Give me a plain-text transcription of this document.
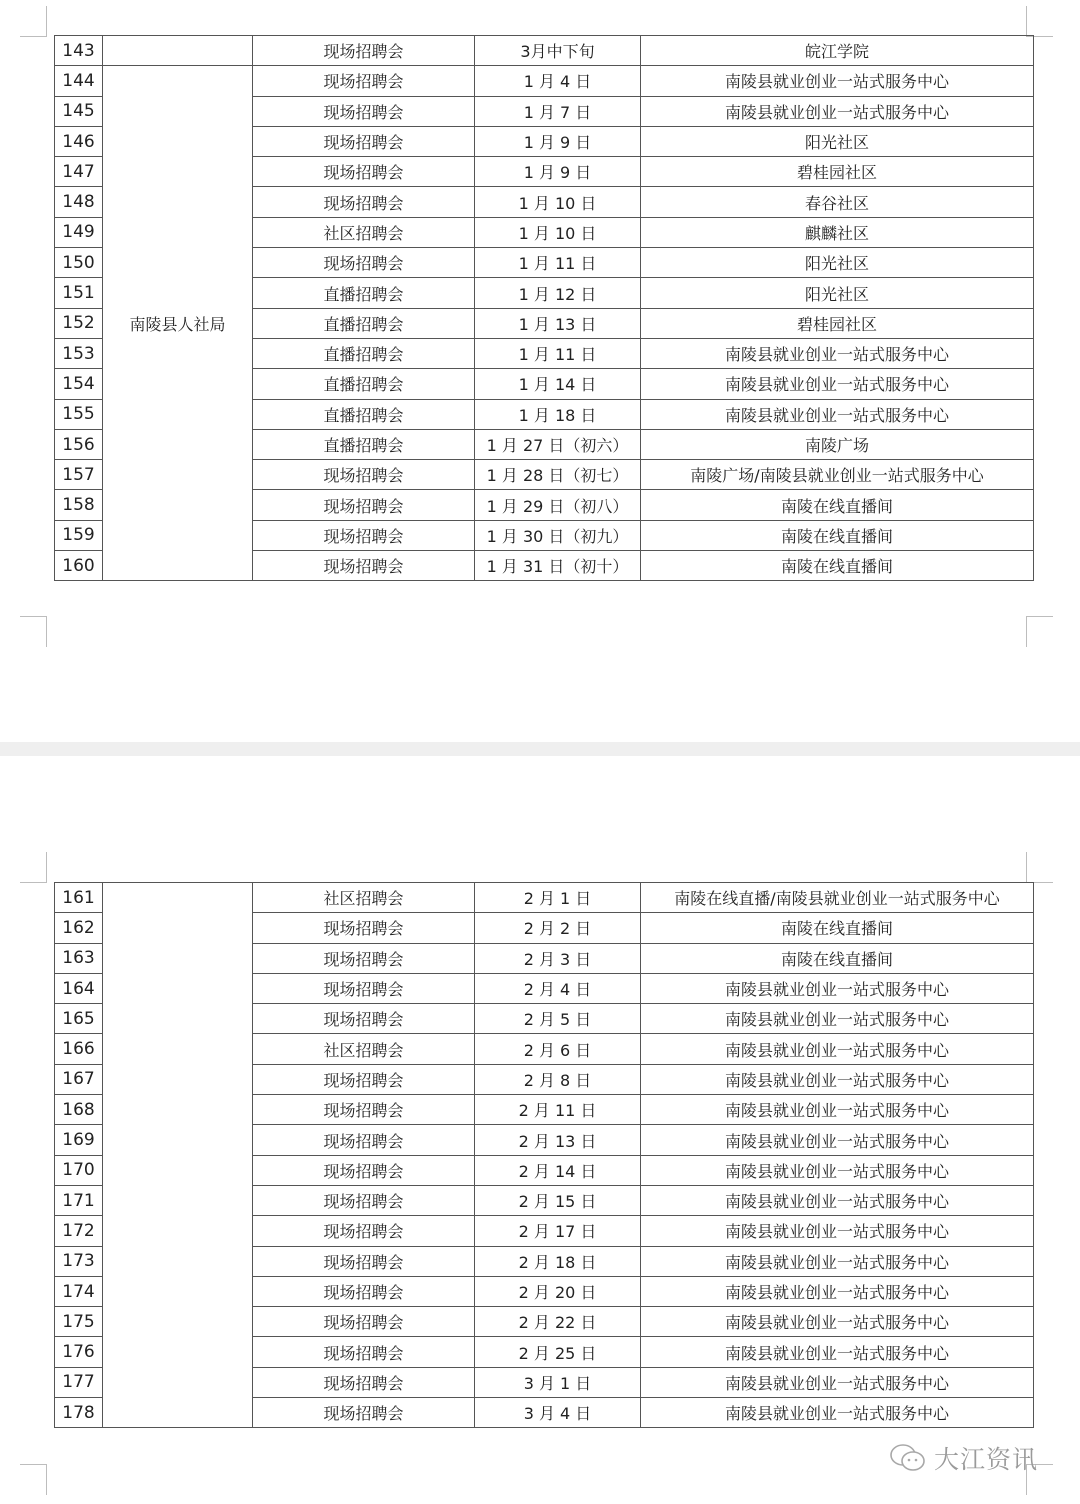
143		现场招聘会	3月中下旬	皖江学院
144	南陵县人社局	现场招聘会	1 月 4 日	南陵县就业创业一站式服务中心
145		现场招聘会	1 月 7 日	南陵县就业创业一站式服务中心
146		现场招聘会	1 月 9 日	阳光社区
147		现场招聘会	1 月 9 日	碧桂园社区
148		现场招聘会	1 月 10 日	春谷社区
149		社区招聘会	1 月 10 日	麒麟社区
150		现场招聘会	1 月 11 日	阳光社区
151		直播招聘会	1 月 12 日	阳光社区
152		直播招聘会	1 月 13 日	碧桂园社区
153		直播招聘会	1 月 11 日	南陵县就业创业一站式服务中心
154		直播招聘会	1 月 14 日	南陵县就业创业一站式服务中心
155		直播招聘会	1 月 18 日	南陵县就业创业一站式服务中心
156		直播招聘会	1 月 27 日（初六）	南陵广场
157		现场招聘会	1 月 28 日（初七）	南陵广场/南陵县就业创业一站式服务中心
158		现场招聘会	1 月 29 日（初八）	南陵在线直播间
159		现场招聘会	1 月 30 日（初九）	南陵在线直播间
160		现场招聘会	1 月 31 日（初十）	南陵在线直播间
161		社区招聘会	2 月 1 日	南陵在线直播/南陵县就业创业一站式服务中心
162		现场招聘会	2 月 2 日	南陵在线直播间
163		现场招聘会	2 月 3 日	南陵在线直播间
164		现场招聘会	2 月 4 日	南陵县就业创业一站式服务中心
165		现场招聘会	2 月 5 日	南陵县就业创业一站式服务中心
166		社区招聘会	2 月 6 日	南陵县就业创业一站式服务中心
167		现场招聘会	2 月 8 日	南陵县就业创业一站式服务中心
168		现场招聘会	2 月 11 日	南陵县就业创业一站式服务中心
169		现场招聘会	2 月 13 日	南陵县就业创业一站式服务中心
170		现场招聘会	2 月 14 日	南陵县就业创业一站式服务中心
171		现场招聘会	2 月 15 日	南陵县就业创业一站式服务中心
172		现场招聘会	2 月 17 日	南陵县就业创业一站式服务中心
173		现场招聘会	2 月 18 日	南陵县就业创业一站式服务中心
174		现场招聘会	2 月 20 日	南陵县就业创业一站式服务中心
175		现场招聘会	2 月 22 日	南陵县就业创业一站式服务中心
176		现场招聘会	2 月 25 日	南陵县就业创业一站式服务中心
177		现场招聘会	3 月 1 日	南陵县就业创业一站式服务中心
178		现场招聘会	3 月 4 日	南陵县就业创业一站式服务中心
大江资讯
